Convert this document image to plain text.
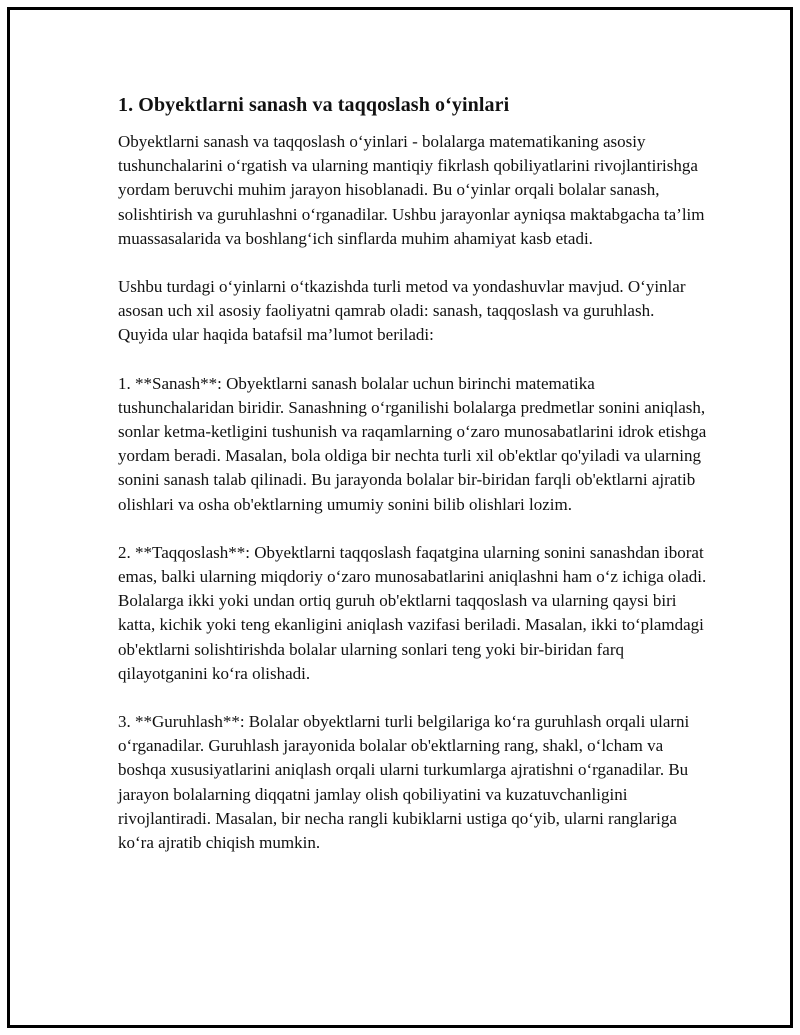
1. Obyektlarni sanash va taqqoslash o‘yinlari

Obyektlarni sanash va taqqoslash o‘yinlari - bolalarga matematikaning asosiy tushunchalarini o‘rgatish va ularning mantiqiy fikrlash qobiliyatlarini rivojlantirishga yordam beruvchi muhim jarayon hisoblanadi. Bu o‘yinlar orqali bolalar sanash, solishtirish va guruhlashni o‘rganadilar. Ushbu jarayonlar ayniqsa maktabgacha ta’lim muassasalarida va boshlang‘ich sinflarda muhim ahamiyat kasb etadi.

Ushbu turdagi o‘yinlarni o‘tkazishda turli metod va yondashuvlar mavjud. O‘yinlar asosan uch xil asosiy faoliyatni qamrab oladi: sanash, taqqoslash va guruhlash. Quyida ular haqida batafsil ma’lumot beriladi:

1. **Sanash**: Obyektlarni sanash bolalar uchun birinchi matematika tushunchalaridan biridir. Sanashning o‘rganilishi bolalarga predmetlar sonini aniqlash, sonlar ketma-ketligini tushunish va raqamlarning o‘zaro munosabatlarini idrok etishga yordam beradi. Masalan, bola oldiga bir nechta turli xil ob'ektlar qo'yiladi va ularning sonini sanash talab qilinadi. Bu jarayonda bolalar bir-biridan farqli ob'ektlarni ajratib olishlari va osha ob'ektlarning umumiy sonini bilib olishlari lozim.

2. **Taqqoslash**: Obyektlarni taqqoslash faqatgina ularning sonini sanashdan iborat emas, balki ularning miqdoriy o‘zaro munosabatlarini aniqlashni ham o‘z ichiga oladi. Bolalarga ikki yoki undan ortiq guruh ob'ektlarni taqqoslash va ularning qaysi biri katta, kichik yoki teng ekanligini aniqlash vazifasi beriladi. Masalan, ikki to‘plamdagi ob'ektlarni solishtirishda bolalar ularning sonlari teng yoki bir-biridan farq qilayotganini ko‘ra olishadi.

3. **Guruhlash**: Bolalar obyektlarni turli belgilariga ko‘ra guruhlash orqali ularni o‘rganadilar. Guruhlash jarayonida bolalar ob'ektlarning rang, shakl, o‘lcham va boshqa xususiyatlarini aniqlash orqali ularni turkumlarga ajratishni o‘rganadilar. Bu jarayon bolalarning diqqatni jamlay olish qobiliyatini va kuzatuvchanligini rivojlantiradi. Masalan, bir necha rangli kubiklarni ustiga qo‘yib, ularni ranglariga ko‘ra ajratib chiqish mumkin.
